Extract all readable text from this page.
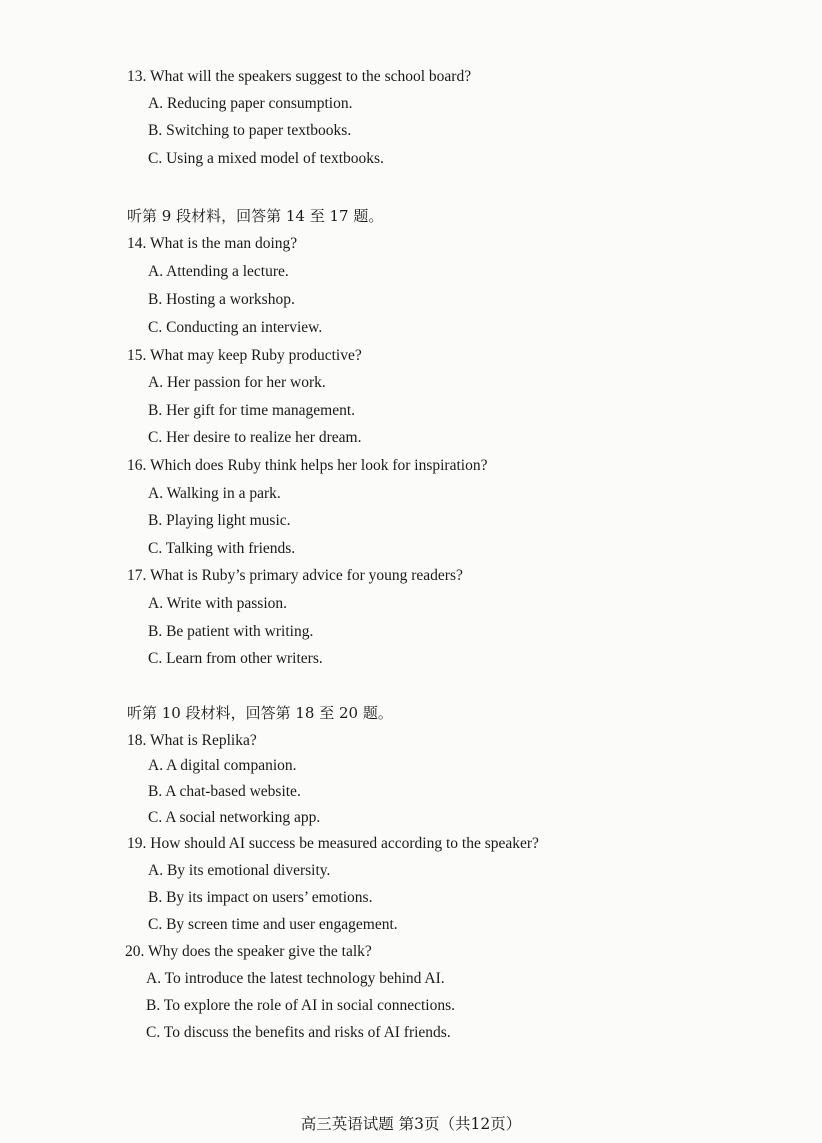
13. What will the speakers suggest to the school board?
A. Reducing paper consumption.
B. Switching to paper textbooks.
C. Using a mixed model of textbooks.
听第 9 段材料，回答第 14 至 17 题。
14. What is the man doing?
A. Attending a lecture.
B. Hosting a workshop.
C. Conducting an interview.
15. What may keep Ruby productive?
A. Her passion for her work.
B. Her gift for time management.
C. Her desire to realize her dream.
16. Which does Ruby think helps her look for inspiration?
A. Walking in a park.
B. Playing light music.
C. Talking with friends.
17. What is Ruby’s primary advice for young readers?
A. Write with passion.
B. Be patient with writing.
C. Learn from other writers.
听第 10 段材料，回答第 18 至 20 题。
18. What is Replika?
A. A digital companion.
B. A chat-based website.
C. A social networking app.
19. How should AI success be measured according to the speaker?
A. By its emotional diversity.
B. By its impact on users’ emotions.
C. By screen time and user engagement.
20. Why does the speaker give the talk?
A. To introduce the latest technology behind AI.
B. To explore the role of AI in social connections.
C. To discuss the benefits and risks of AI friends.
高三英语试题 第3页（共12页）
